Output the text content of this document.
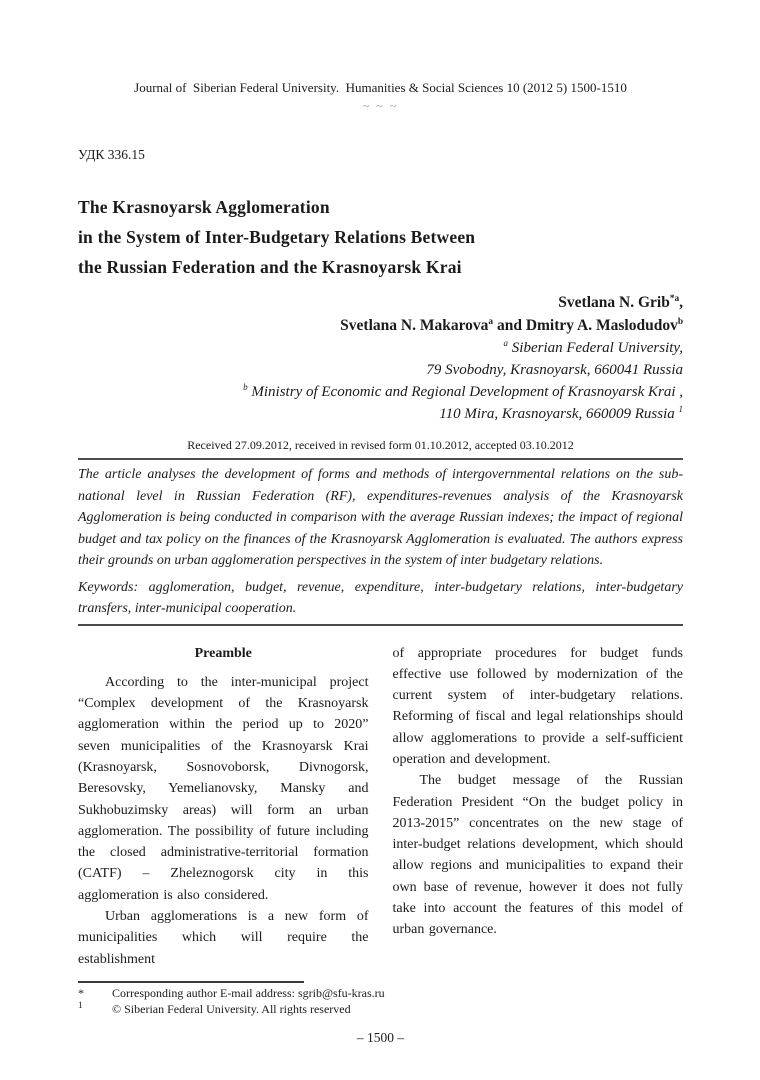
Journal of  Siberian Federal University.  Humanities & Social Sciences 10 (2012 5) 1500-1510
~ ~ ~
УДК 336.15
The Krasnoyarsk Agglomeration
in the System of Inter-Budgetary Relations Between
the Russian Federation and the Krasnoyarsk Krai
Svetlana N. Grib$^{*a}$,
Svetlana N. Makarova$^a$ and Dmitry A. Maslodudov$^b$
$^a$ Siberian Federal University,
79 Svobodny, Krasnoyarsk, 660041 Russia
$^b$ Ministry of Economic and Regional Development of Krasnoyarsk Krai ,
110 Mira, Krasnoyarsk, 660009 Russia $^1$
Received 27.09.2012, received in revised form 01.10.2012, accepted 03.10.2012
The article analyses the development of forms and methods of intergovernmental relations on the sub-national level in Russian Federation (RF), expenditures-revenues analysis of the Krasnoyarsk Agglomeration is being conducted in comparison with the average Russian indexes; the impact of regional budget and tax policy on the finances of the Krasnoyarsk Agglomeration is evaluated. The authors express their grounds on urban agglomeration perspectives in the system of inter budgetary relations.
Keywords: agglomeration, budget, revenue, expenditure, inter-budgetary relations, inter-budgetary transfers, inter-municipal cooperation.
Preamble

According to the inter-municipal project “Complex development of the Krasnoyarsk agglomeration within the period up to 2020” seven municipalities of the Krasnoyarsk Krai (Krasnoyarsk, Sosnovoborsk, Divnogorsk, Beresovsky, Yemelianovsky, Mansky and Sukhobuzimsky areas) will form an urban agglomeration. The possibility of future including the closed administrative-territorial formation (CATF) – Zheleznogorsk city in this agglomeration is also considered.

Urban agglomerations is a new form of municipalities which will require the establishment

of appropriate procedures for budget funds effective use followed by modernization of the current system of inter-budgetary relations. Reforming of fiscal and legal relationships should allow agglomerations to provide a self-sufficient operation and development.

The budget message of the Russian Federation President “On the budget policy in 2013-2015” concentrates on the new stage of inter-budget relations development, which should allow regions and municipalities to expand their own base of revenue, however it does not fully take into account the features of this model of urban governance.

*	Corresponding author E-mail address: sgrib@sfu-kras.ru
$^1$	© Siberian Federal University. All rights reserved
– 1500 –
